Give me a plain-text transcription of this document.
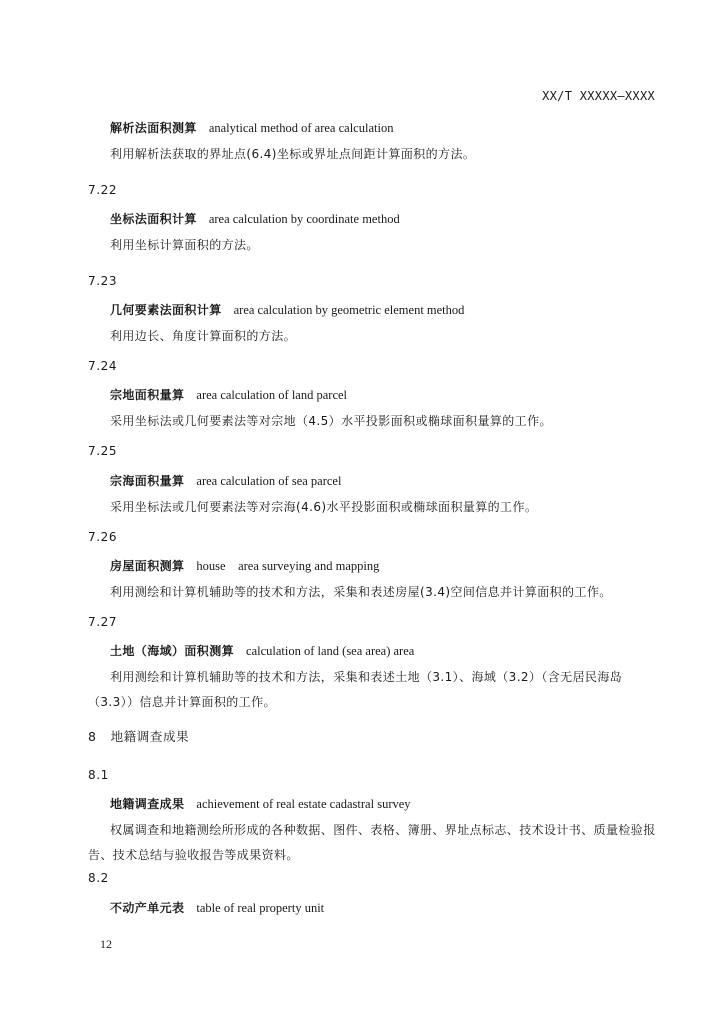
XX/T XXXXX—XXXX
解析法面积测算 analytical method of area calculation
利用解析法获取的界址点(6.4)坐标或界址点间距计算面积的方法。
7.22
坐标法面积计算 area calculation by coordinate method
利用坐标计算面积的方法。
7.23
几何要素法面积计算 area calculation by geometric element method
利用边长、角度计算面积的方法。
7.24
宗地面积量算 area calculation of land parcel
采用坐标法或几何要素法等对宗地（4.5）水平投影面积或椭球面积量算的工作。
7.25
宗海面积量算 area calculation of sea parcel
采用坐标法或几何要素法等对宗海(4.6)水平投影面积或椭球面积量算的工作。
7.26
房屋面积测算 house    area surveying and mapping
利用测绘和计算机辅助等的技术和方法，采集和表述房屋(3.4)空间信息并计算面积的工作。
7.27
土地（海域）面积测算 calculation of land (sea area) area
利用测绘和计算机辅助等的技术和方法，采集和表述土地（3.1）、海域（3.2）（含无居民海岛（3.3））信息并计算面积的工作。
8 地籍调查成果
8.1
地籍调查成果 achievement of real estate cadastral survey
权属调查和地籍测绘所形成的各种数据、图件、表格、簿册、界址点标志、技术设计书、质量检验报告、技术总结与验收报告等成果资料。
8.2
不动产单元表 table of real property unit
12
